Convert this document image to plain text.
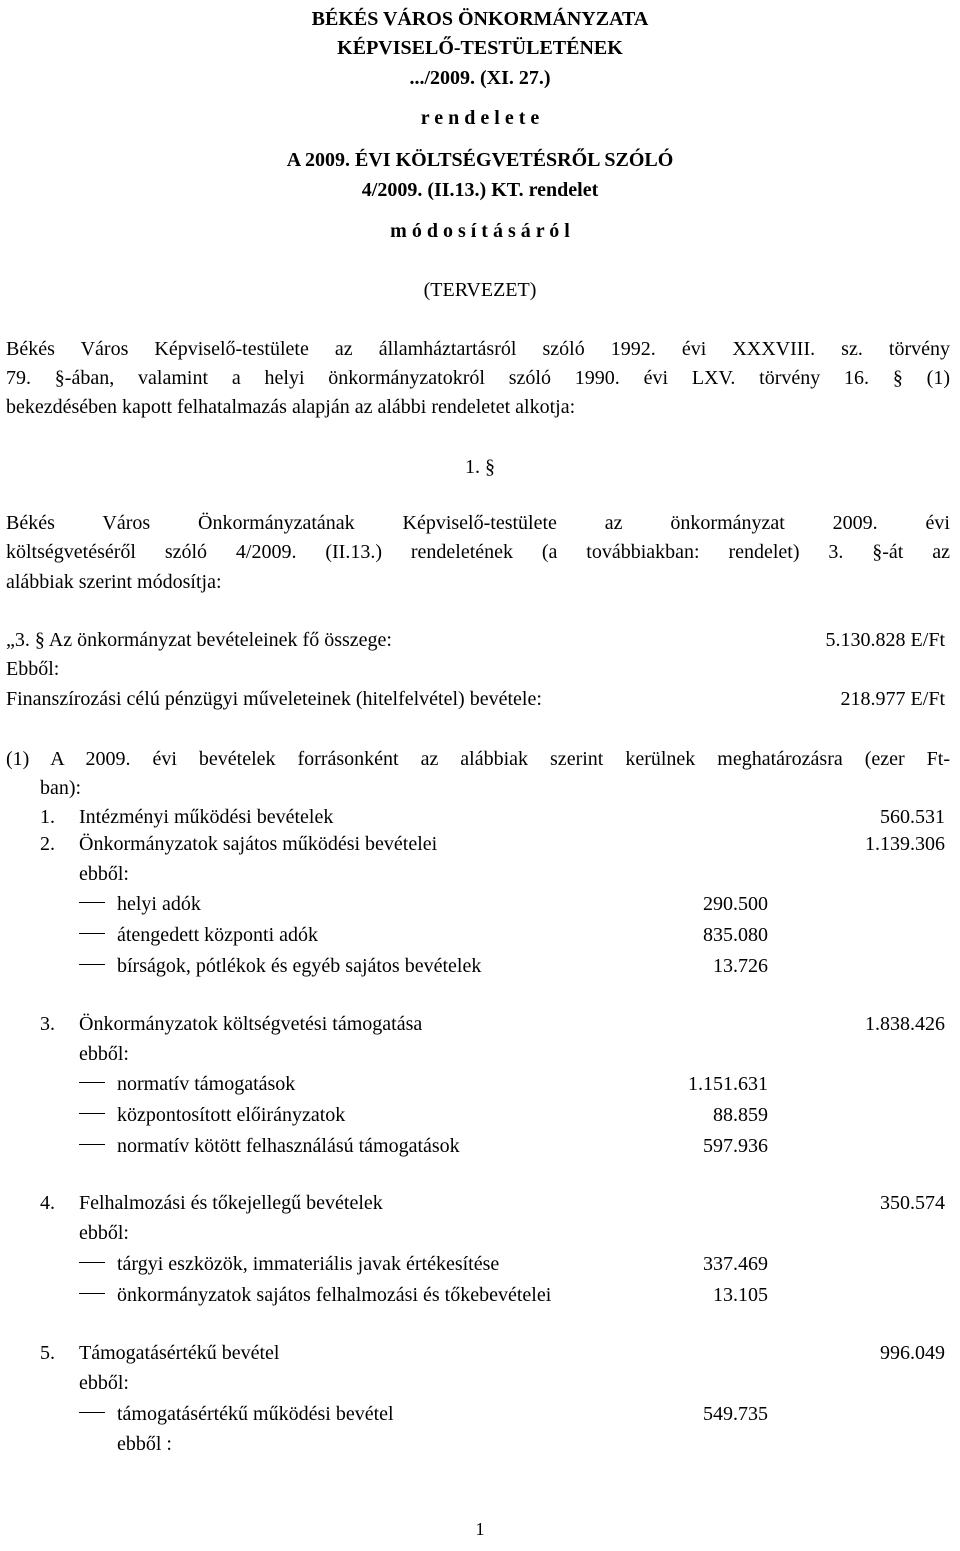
BÉKÉS VÁROS ÖNKORMÁNYZATA
KÉPVISELŐ-TESTÜLETÉNEK
.../2009. (XI. 27.)
r e n d e l e t e
A 2009. ÉVI KÖLTSÉGVETÉSRŐL SZÓLÓ
4/2009. (II.13.) KT. rendelet
m ó d o s í t á s á r ó l
(TERVEZET)
Békés Város Képviselő-testülete az államháztartásról szóló 1992. évi XXXVIII. sz. törvény
79. §-ában, valamint a helyi önkormányzatokról szóló 1990. évi LXV. törvény 16. § (1)
bekezdésében kapott felhatalmazás alapján az alábbi rendeletet alkotja:
1. §
Békés Város Önkormányzatának Képviselő-testülete az önkormányzat 2009. évi
költségvetéséről szóló 4/2009. (II.13.) rendeletének (a továbbiakban: rendelet) 3. §-át az
alábbiak szerint módosítja:
„3. § Az önkormányzat bevételeinek fő összege:	5.130.828 E/Ft
Ebből:
Finanszírozási célú pénzügyi műveleteinek (hitelfelvétel) bevétele:	218.977 E/Ft
(1) A 2009. évi bevételek forrásonként az alábbiak szerint kerülnek meghatározásra (ezer Ft-
ban):
1. Intézményi működési bevételek	560.531
2. Önkormányzatok sajátos működési bevételei	1.139.306
ebből:
helyi adók	290.500
átengedett központi adók	835.080
bírságok, pótlékok és egyéb sajátos bevételek	13.726
3. Önkormányzatok költségvetési támogatása	1.838.426
ebből:
normatív támogatások	1.151.631
központosított előirányzatok	88.859
normatív kötött felhasználású támogatások	597.936
4. Felhalmozási és tőkejellegű bevételek	350.574
ebből:
tárgyi eszközök, immateriális javak értékesítése	337.469
önkormányzatok sajátos felhalmozási és tőkebevételei	13.105
5. Támogatásértékű bevétel	996.049
ebből:
támogatásértékű működési bevétel	549.735
ebből :
1
